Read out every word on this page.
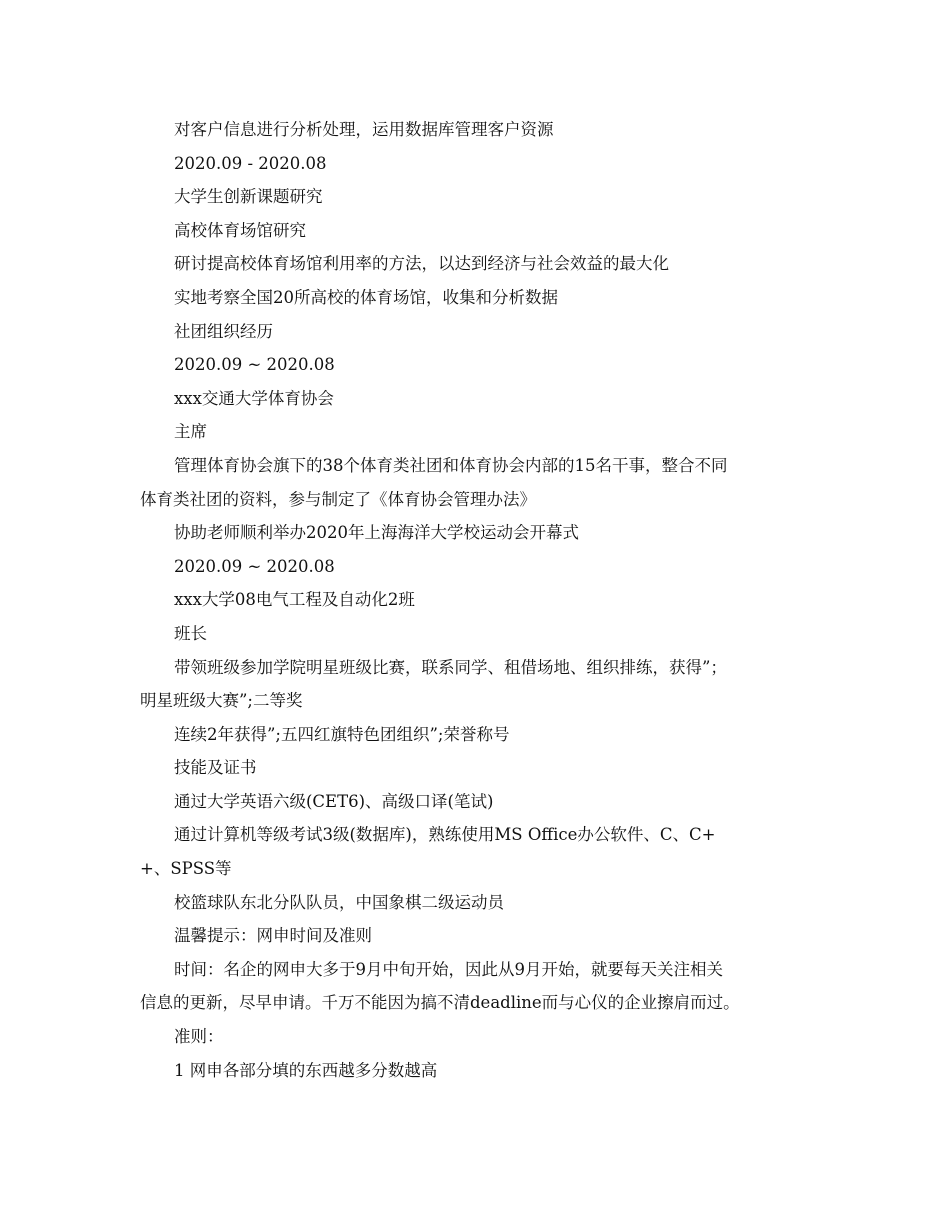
对客户信息进行分析处理，运用数据库管理客户资源

2020.09 - 2020.08

大学生创新课题研究

高校体育场馆研究

研讨提高校体育场馆利用率的方法，以达到经济与社会效益的最大化

实地考察全国20所高校的体育场馆，收集和分析数据

社团组织经历

2020.09 ~ 2020.08

xxx交通大学体育协会

主席

管理体育协会旗下的38个体育类社团和体育协会内部的15名干事，整合不同

体育类社团的资料，参与制定了《体育协会管理办法》

协助老师顺利举办2020年上海海洋大学校运动会开幕式

2020.09 ~ 2020.08

xxx大学08电气工程及自动化2班

班长

带领班级参加学院明星班级比赛，联系同学、租借场地、组织排练，获得”；

明星班级大赛”;二等奖

连续2年获得”;五四红旗特色团组织”;荣誉称号

技能及证书

通过大学英语六级(CET6)、高级口译(笔试)

通过计算机等级考试3级(数据库)，熟练使用MS Office办公软件、C、C+

+、SPSS等

校篮球队东北分队队员，中国象棋二级运动员

温馨提示：网申时间及准则

时间：名企的网申大多于9月中旬开始，因此从9月开始，就要每天关注相关

信息的更新，尽早申请。千万不能因为搞不清deadline而与心仪的企业擦肩而过。

准则：

1 网申各部分填的东西越多分数越高
